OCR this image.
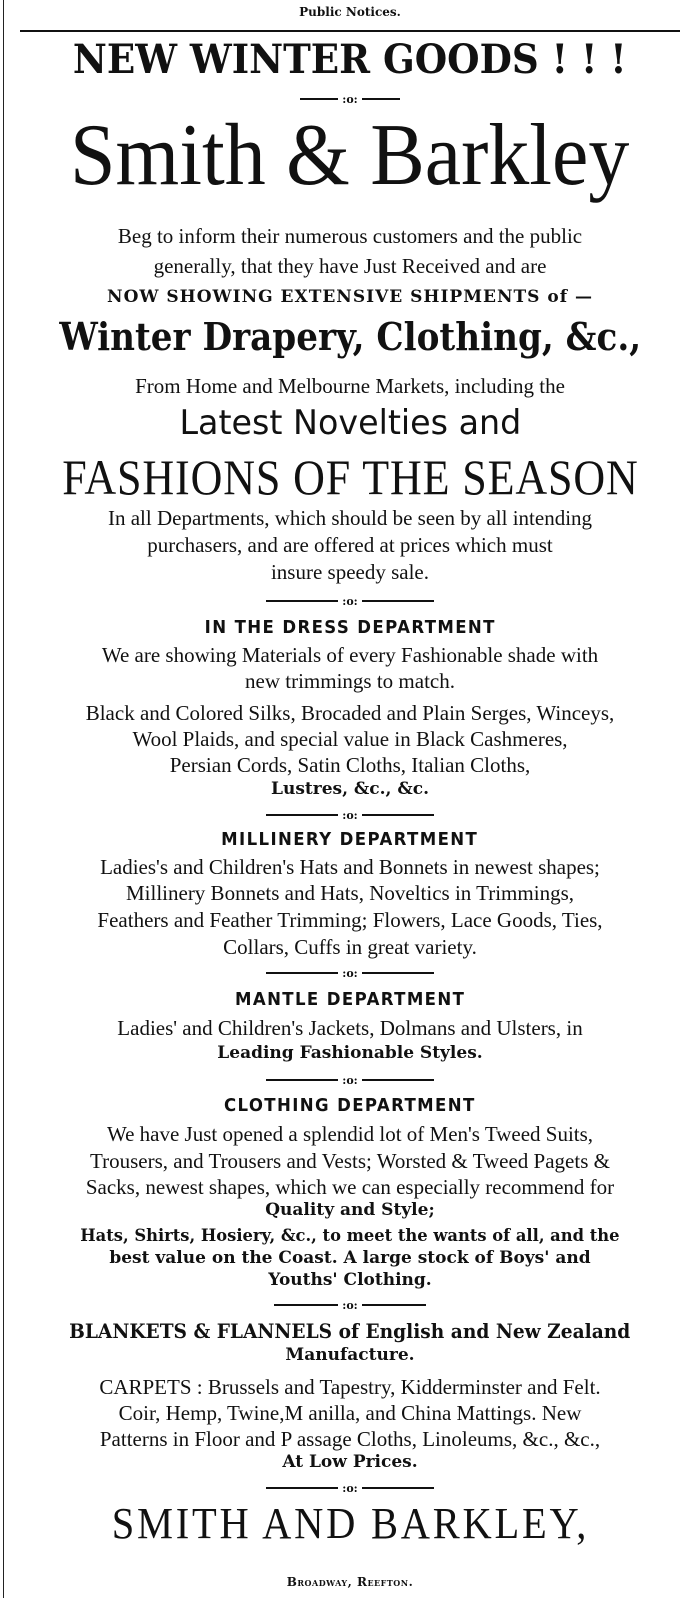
Public Notices.
NEW WINTER GOODS ! ! !
:o:
Smith & Barkley
Beg to inform their numerous customers and the public
generally, that they have Just Received and are
NOW SHOWING EXTENSIVE SHIPMENTS of —
Winter Drapery, Clothing, &c.,
From Home and Melbourne Markets, including the
Latest Novelties and
FASHIONS OF THE SEASON
In all Departments, which should be seen by all intending
purchasers, and are offered at prices which must
insure speedy sale.
:o:
IN THE DRESS DEPARTMENT
We are showing Materials of every Fashionable shade with
new trimmings to match.
Black and Colored Silks, Brocaded and Plain Serges, Winceys,
Wool Plaids, and special value in Black Cashmeres,
Persian Cords, Satin Cloths, Italian Cloths,
Lustres, &c., &c.
:o:
MILLINERY DEPARTMENT
Ladies's and Children's Hats and Bonnets in newest shapes;
Millinery Bonnets and Hats, Noveltics in Trimmings,
Feathers and Feather Trimming; Flowers, Lace Goods, Ties,
Collars, Cuffs in great variety.
:o:
MANTLE DEPARTMENT
Ladies' and Children's Jackets, Dolmans and Ulsters, in
Leading Fashionable Styles.
:o:
CLOTHING DEPARTMENT
We have Just opened a splendid lot of Men's Tweed Suits,
Trousers, and Trousers and Vests; Worsted & Tweed Pagets &
Sacks, newest shapes, which we can especially recommend for
Quality and Style;
Hats, Shirts, Hosiery, &c., to meet the wants of all, and the
best value on the Coast. A large stock of Boys' and
Youths' Clothing.
:o:
BLANKETS & FLANNELS of English and New Zealand
Manufacture.
CARPETS : Brussels and Tapestry, Kidderminster and Felt.
Coir, Hemp, Twine,M anilla, and China Mattings. New
Patterns in Floor and P assage Cloths, Linoleums, &c., &c.,
At Low Prices.
:o:
SMITH AND BARKLEY,
Broadway, Reefton.
